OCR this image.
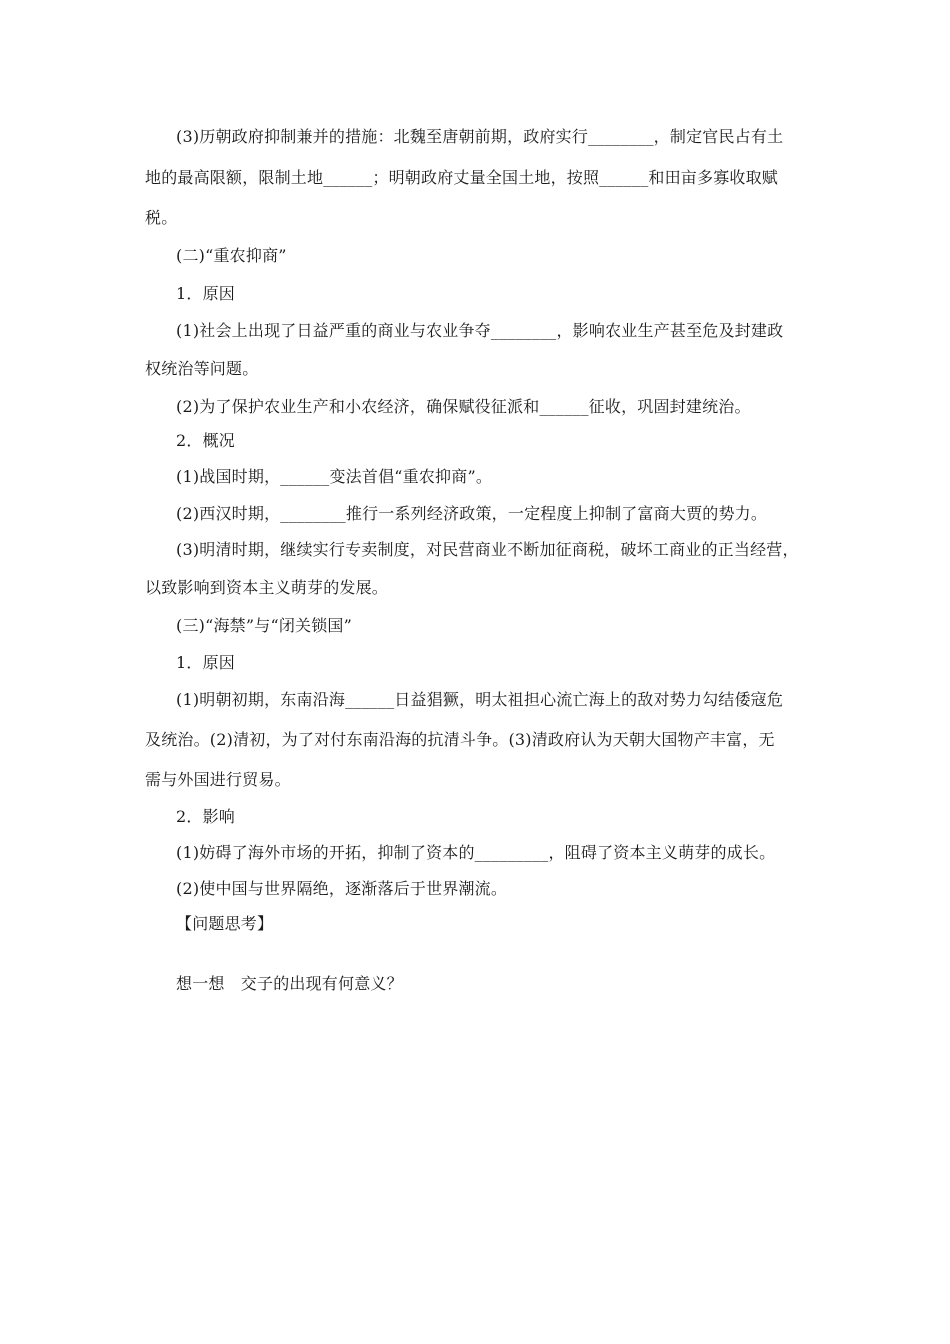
(3)历朝政府抑制兼并的措施：北魏至唐朝前期，政府实行________，制定官民占有土
地的最高限额，限制土地______；明朝政府丈量全国土地，按照______和田亩多寡收取赋
税。
(二)“重农抑商”
1．原因
(1)社会上出现了日益严重的商业与农业争夺________，影响农业生产甚至危及封建政
权统治等问题。
(2)为了保护农业生产和小农经济，确保赋役征派和______征收，巩固封建统治。
2．概况
(1)战国时期，______变法首倡“重农抑商”。
(2)西汉时期，________推行一系列经济政策，一定程度上抑制了富商大贾的势力。
(3)明清时期，继续实行专卖制度，对民营商业不断加征商税，破坏工商业的正当经营，
以致影响到资本主义萌芽的发展。
(三)“海禁”与“闭关锁国”
1．原因
(1)明朝初期，东南沿海______日益猖獗，明太祖担心流亡海上的敌对势力勾结倭寇危
及统治。(2)清初，为了对付东南沿海的抗清斗争。(3)清政府认为天朝大国物产丰富，无
需与外国进行贸易。
2．影响
(1)妨碍了海外市场的开拓，抑制了资本的_________，阻碍了资本主义萌芽的成长。
(2)使中国与世界隔绝，逐渐落后于世界潮流。
【问题思考】
想一想　交子的出现有何意义？
